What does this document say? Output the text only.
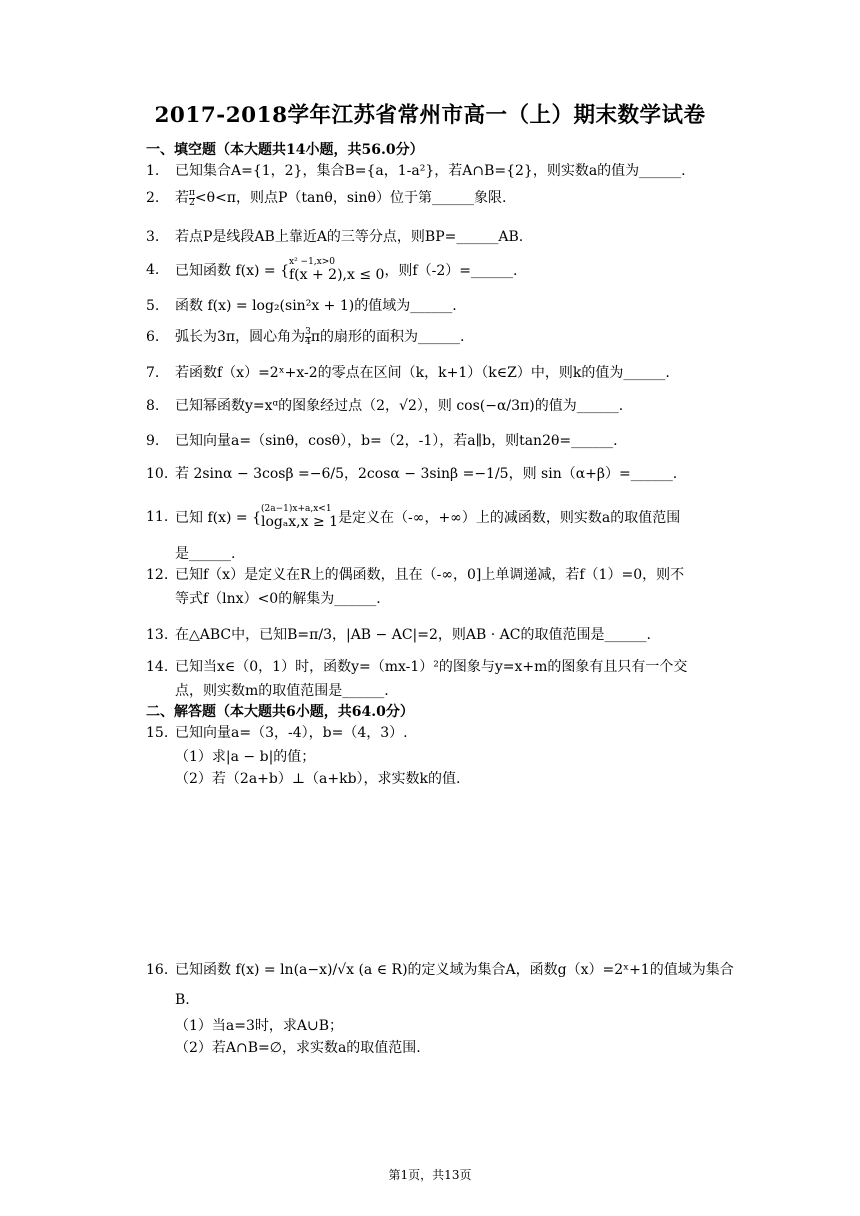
2017-2018学年江苏省常州市高一（上）期末数学试卷
一、填空题（本大题共14小题，共56.0分）
1. 已知集合A={1，2}，集合B={a，1-a²}，若A∩B={2}，则实数a的值为______.
2. 若 $\frac{\pi}{2} <\theta<\pi$，则点P（tanθ，sinθ）位于第______象限.
3. 若点P是线段AB上靠近A的三等分点，则BP=______AB.
4. 已知函数 f(x) = {
x² −1,x>0
f(x + 2),x ≤ 0 ，则f（-2）=______.
5. 函数 f(x) = log₂(sin²x + 1)的值域为______.
6. 弧长为3π，圆心角为 $\frac{3}{4}$ π的扇形的面积为______.
7. 若函数f（x）=2ˣ+x-2的零点在区间（k，k+1）（k∈Z）中，则k的值为______.
8. 已知幂函数y=xᵅ的图象经过点（2，√2），则 cos(−α/3π)的值为______.
9. 已知向量a=（sinθ，cosθ），b=（2，-1），若a∥b，则tan2θ=______.
10. 若 2sinα − 3cosβ =−6/5，2cosα − 3sinβ =−1/5，则 sin（α+β）=______.
11. 已知 f(x) = {
(2a−1)x+a,x<1
logₐx,x ≥ 1 是定义在（-∞，+∞）上的减函数，则实数a的取值范围
是______.
12. 已知f（x）是定义在R上的偶函数，且在（-∞，0]上单调递减，若f（1）=0，则不
等式f（lnx）<0的解集为______.
13. 在△ABC中，已知B=π/3，|AB − AC|=2，则AB · AC的取值范围是______.
14. 已知当x∈（0，1）时，函数y=（mx-1）²的图象与y=x+m的图象有且只有一个交
点，则实数m的取值范围是______.
二、解答题（本大题共6小题，共64.0分）
15. 已知向量a=（3，-4），b=（4，3）.
（1）求|a − b|的值；
（2）若（2a+b）⊥（a+kb），求实数k的值.
16. 已知函数 f(x) = ln(a−x)/√x (a ∈ R)的定义域为集合A，函数g（x）=2ˣ+1的值域为集合
B.
（1）当a=3时，求A∪B；
（2）若A∩B=∅，求实数a的取值范围.
第1页，共13页
